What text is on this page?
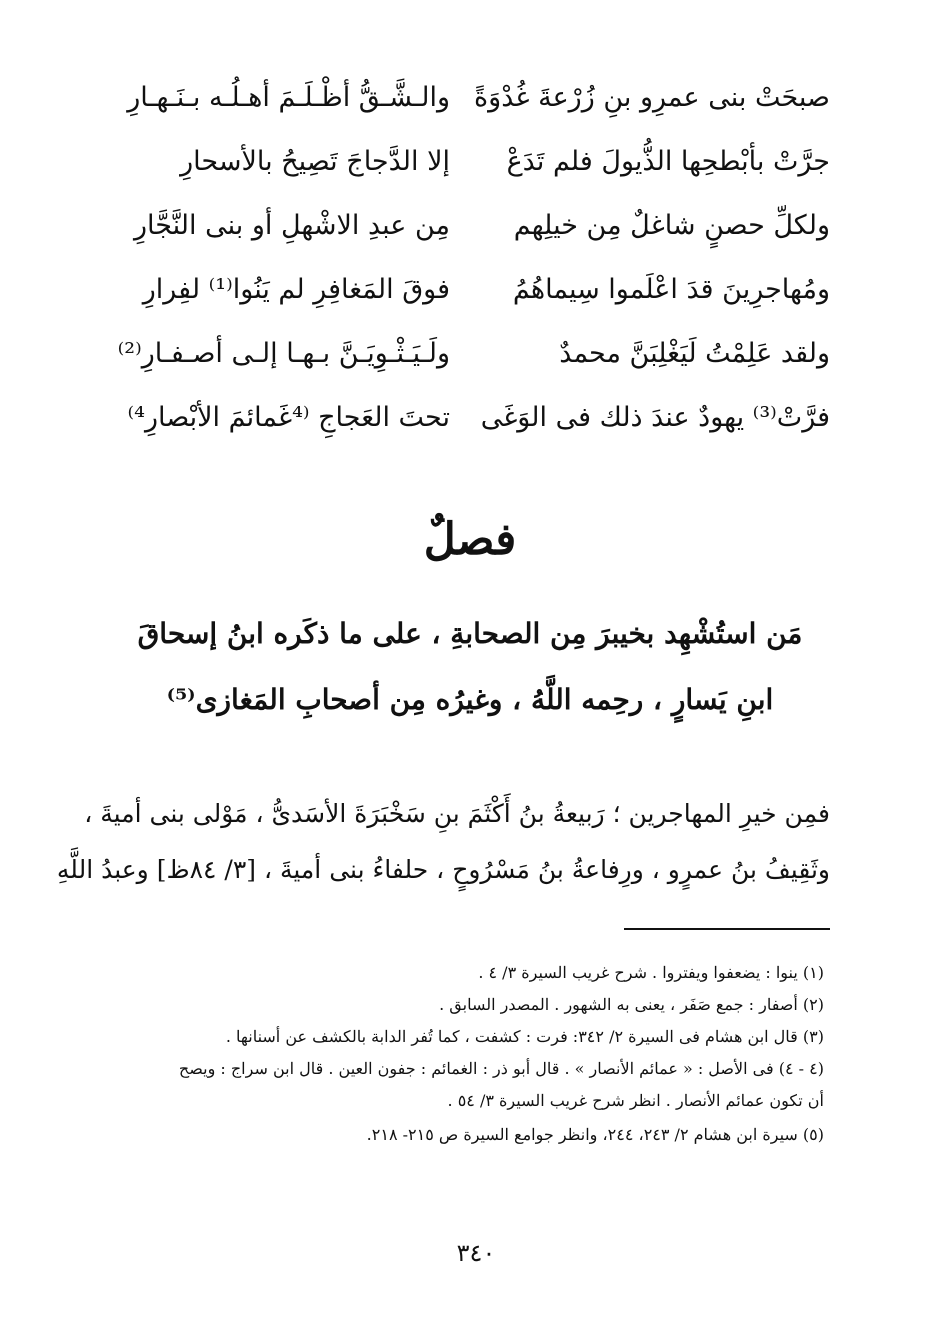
صبحَتْ بنى عمرِو بنِ زُرْعةَ غُدْوَةً
والـشَّـقُّ أظْـلَـمَ أهـلُـه بـنَـهـارِ
جرَّتْ بأبْطحِها الذُّيولَ فلم تَدَعْ
إلا الدَّجاجَ تَصِيحُ بالأسحارِ
ولكلِّ حصنٍ شاغلٌ مِن خيلِهم
مِن عبدِ الاشْهلِ أو بنى النَّجَّارِ
ومُهاجرِينَ قدَ اعْلَموا سِيماهُمُ
فوقَ المَغافِرِ لم يَنُوا⁽¹⁾ لفِرارِ
ولقد عَلِمْتُ لَيَغْلِبَنَّ محمدٌ
ولَـيَـثْـوِيَـنَّ بـهـا إلـى أصـفـارِ⁽²⁾
فرَّتْ⁽³⁾ يهودٌ عندَ ذلك فى الوَغَى
تحتَ العَجاجِ ⁽⁴غَمائمَ الأبْصارِ⁴⁾
فصلٌ
مَن استُشْهِد بخيبرَ مِن الصحابةِ ، على ما ذكَره ابنُ إسحاقَ
ابنِ يَسارٍ ، رحِمه اللَّهُ ، وغيرُه مِن أصحابِ المَغازى⁽⁵⁾
فمِن خيرِ المهاجرين ؛ رَبيعةُ بنُ أَكْثَمَ بنِ سَخْبَرَةَ الأسَدىُّ ، مَوْلى بنى أميةَ ،
وثَقِيفُ بنُ عمرٍو ، ورِفاعةُ بنُ مَسْرُوحٍ ، حلفاءُ بنى أميةَ ، [٣/ ٨٤ظ] وعبدُ اللَّهِ
(١) ينوا : يضعفوا ويفتروا . شرح غريب السيرة ٣/ ٤ .
(٢) أصفار : جمع صَفَر ، يعنى به الشهور . المصدر السابق .
(٣) قال ابن هشام فى السيرة ٢/ ٣٤٢: فرت : كشفت ، كما تُفر الدابة بالكشف عن أسنانها .
(٤ - ٤) فى الأصل : « عمائم الأنصار » . قال أبو ذر : الغمائم : جفون العين . قال ابن سراج : ويصح
أن تكون عمائم الأنصار . انظر شرح غريب السيرة ٣/ ٥٤ .
(٥) سيرة ابن هشام ٢/ ٢٤٣، ٢٤٤، وانظر جوامع السيرة ص ٢١٥- ٢١٨.
٣٤٠
